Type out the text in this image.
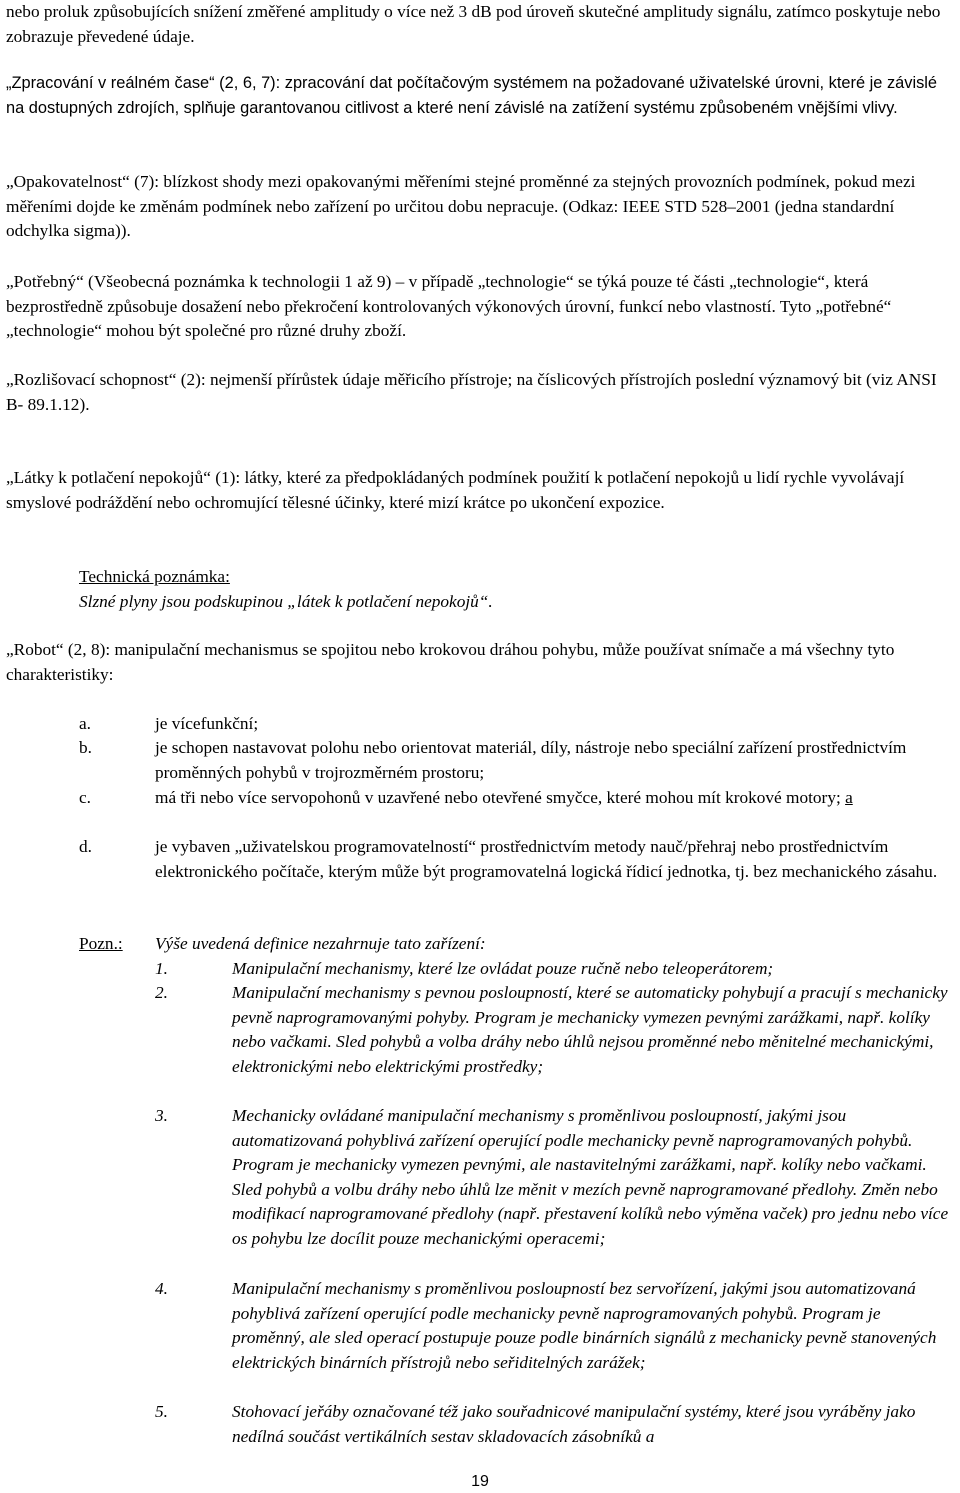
nebo proluk způsobujících snížení změřené amplitudy o více než 3 dB pod úroveň skutečné amplitudy signálu, zatímco poskytuje nebo zobrazuje převedené údaje.

„Zpracování v reálném čase“ (2, 6, 7): zpracování dat počítačovým systémem na požadované uživatelské úrovni, které je závislé na dostupných zdrojích, splňuje garantovanou citlivost a které není závislé na zatížení systému způsobeném vnějšími vlivy.

„Opakovatelnost“ (7): blízkost shody mezi opakovanými měřeními stejné proměnné za stejných provozních podmínek, pokud mezi měřeními dojde ke změnám podmínek nebo zařízení po určitou dobu nepracuje. (Odkaz: IEEE STD 528–2001 (jedna standardní odchylka sigma)).

„Potřebný“ (Všeobecná poznámka k technologii 1 až 9) – v případě „technologie“ se týká pouze té části „technologie“, která bezprostředně způsobuje dosažení nebo překročení kontrolovaných výkonových úrovní, funkcí nebo vlastností. Tyto „potřebné“ „technologie“ mohou být společné pro různé druhy zboží.

„Rozlišovací schopnost“ (2): nejmenší přírůstek údaje měřicího přístroje; na číslicových přístrojích poslední významový bit (viz ANSI B- 89.1.12).

„Látky k potlačení nepokojů“ (1): látky, které za předpokládaných podmínek použití k potlačení nepokojů u lidí rychle vyvolávají smyslové podráždění nebo ochromující tělesné účinky, které mizí krátce po ukončení expozice.

Technická poznámka:
Slzné plyny jsou podskupinou „látek k potlačení nepokojů“.

„Robot“ (2, 8): manipulační mechanismus se spojitou nebo krokovou dráhou pohybu, může používat snímače a má všechny tyto charakteristiky:

a.	je vícefunkční;
b.	je schopen nastavovat polohu nebo orientovat materiál, díly, nástroje nebo speciální zařízení prostřednictvím proměnných pohybů v trojrozměrném prostoru;
c.	má tři nebo více servopohonů v uzavřené nebo otevřené smyčce, které mohou mít krokové motory; a
d.	je vybaven „uživatelskou programovatelností“ prostřednictvím metody nauč/přehraj nebo prostřednictvím elektronického počítače, kterým může být programovatelná logická řídicí jednotka, tj. bez mechanického zásahu.
Pozn.: Výše uvedená definice nezahrnuje tato zařízení:
1.	Manipulační mechanismy, které lze ovládat pouze ručně nebo teleoperátorem;
2.	Manipulační mechanismy s pevnou posloupností, které se automaticky pohybují a pracují s mechanicky pevně naprogramovanými pohyby. Program je mechanicky vymezen pevnými zarážkami, např. kolíky nebo vačkami. Sled pohybů a volba dráhy nebo úhlů nejsou proměnné nebo měnitelné mechanickými, elektronickými nebo elektrickými prostředky;
3.	Mechanicky ovládané manipulační mechanismy s proměnlivou posloupností, jakými jsou automatizovaná pohyblivá zařízení operující podle mechanicky pevně naprogramovaných pohybů. Program je mechanicky vymezen pevnými, ale nastavitelnými zarážkami, např. kolíky nebo vačkami. Sled pohybů a volbu dráhy nebo úhlů lze měnit v mezích pevně naprogramované předlohy. Změn nebo modifikací naprogramované předlohy (např. přestavení kolíků nebo výměna vaček) pro jednu nebo více os pohybu lze docílit pouze mechanickými operacemi;
4.	Manipulační mechanismy s proměnlivou posloupností bez servořízení, jakými jsou automatizovaná pohyblivá zařízení operující podle mechanicky pevně naprogramovaných pohybů. Program je proměnný, ale sled operací postupuje pouze podle binárních signálů z mechanicky pevně stanovených elektrických binárních přístrojů nebo seřiditelných zarážek;
5.	Stohovací jeřáby označované též jako souřadnicové manipulační systémy, které jsou vyráběny jako nedílná součást vertikálních sestav skladovacích zásobníků a
19
